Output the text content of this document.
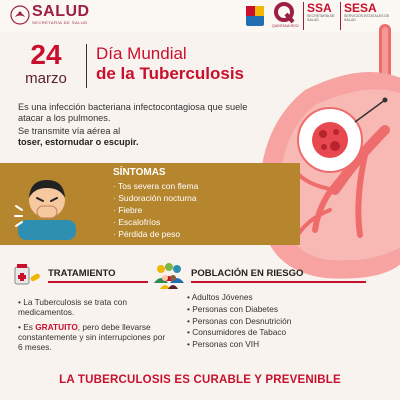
SALUD
SECRETARÍA DE SALUD
QUINTANA ROO
SSA
SECRETARÍA DE SALUD
SESA
SERVICIOS ESTATALES DE SALUD
24
marzo
Día Mundial
de la Tuberculosis
Es una infección bacteriana infectocontagiosa que suele atacar a los pulmones.
Se transmite vía aérea al
toser, estornudar o escupir.
SÍNTOMAS
· Tos severa con flema
· Sudoración nocturna
· Fiebre
· Escalofríos
· Pérdida de peso
TRATAMIENTO
• La Tuberculosis se trata con medicamentos.
• Es GRATUITO, pero debe llevarse constantemente y sin interrupciones por 6 meses.
POBLACIÓN EN RIESGO
• Adultos Jóvenes
• Personas con Diabetes
• Personas con Desnutrición
• Consumidores de Tabaco
• Personas con VIH
LA TUBERCULOSIS ES CURABLE Y PREVENIBLE
